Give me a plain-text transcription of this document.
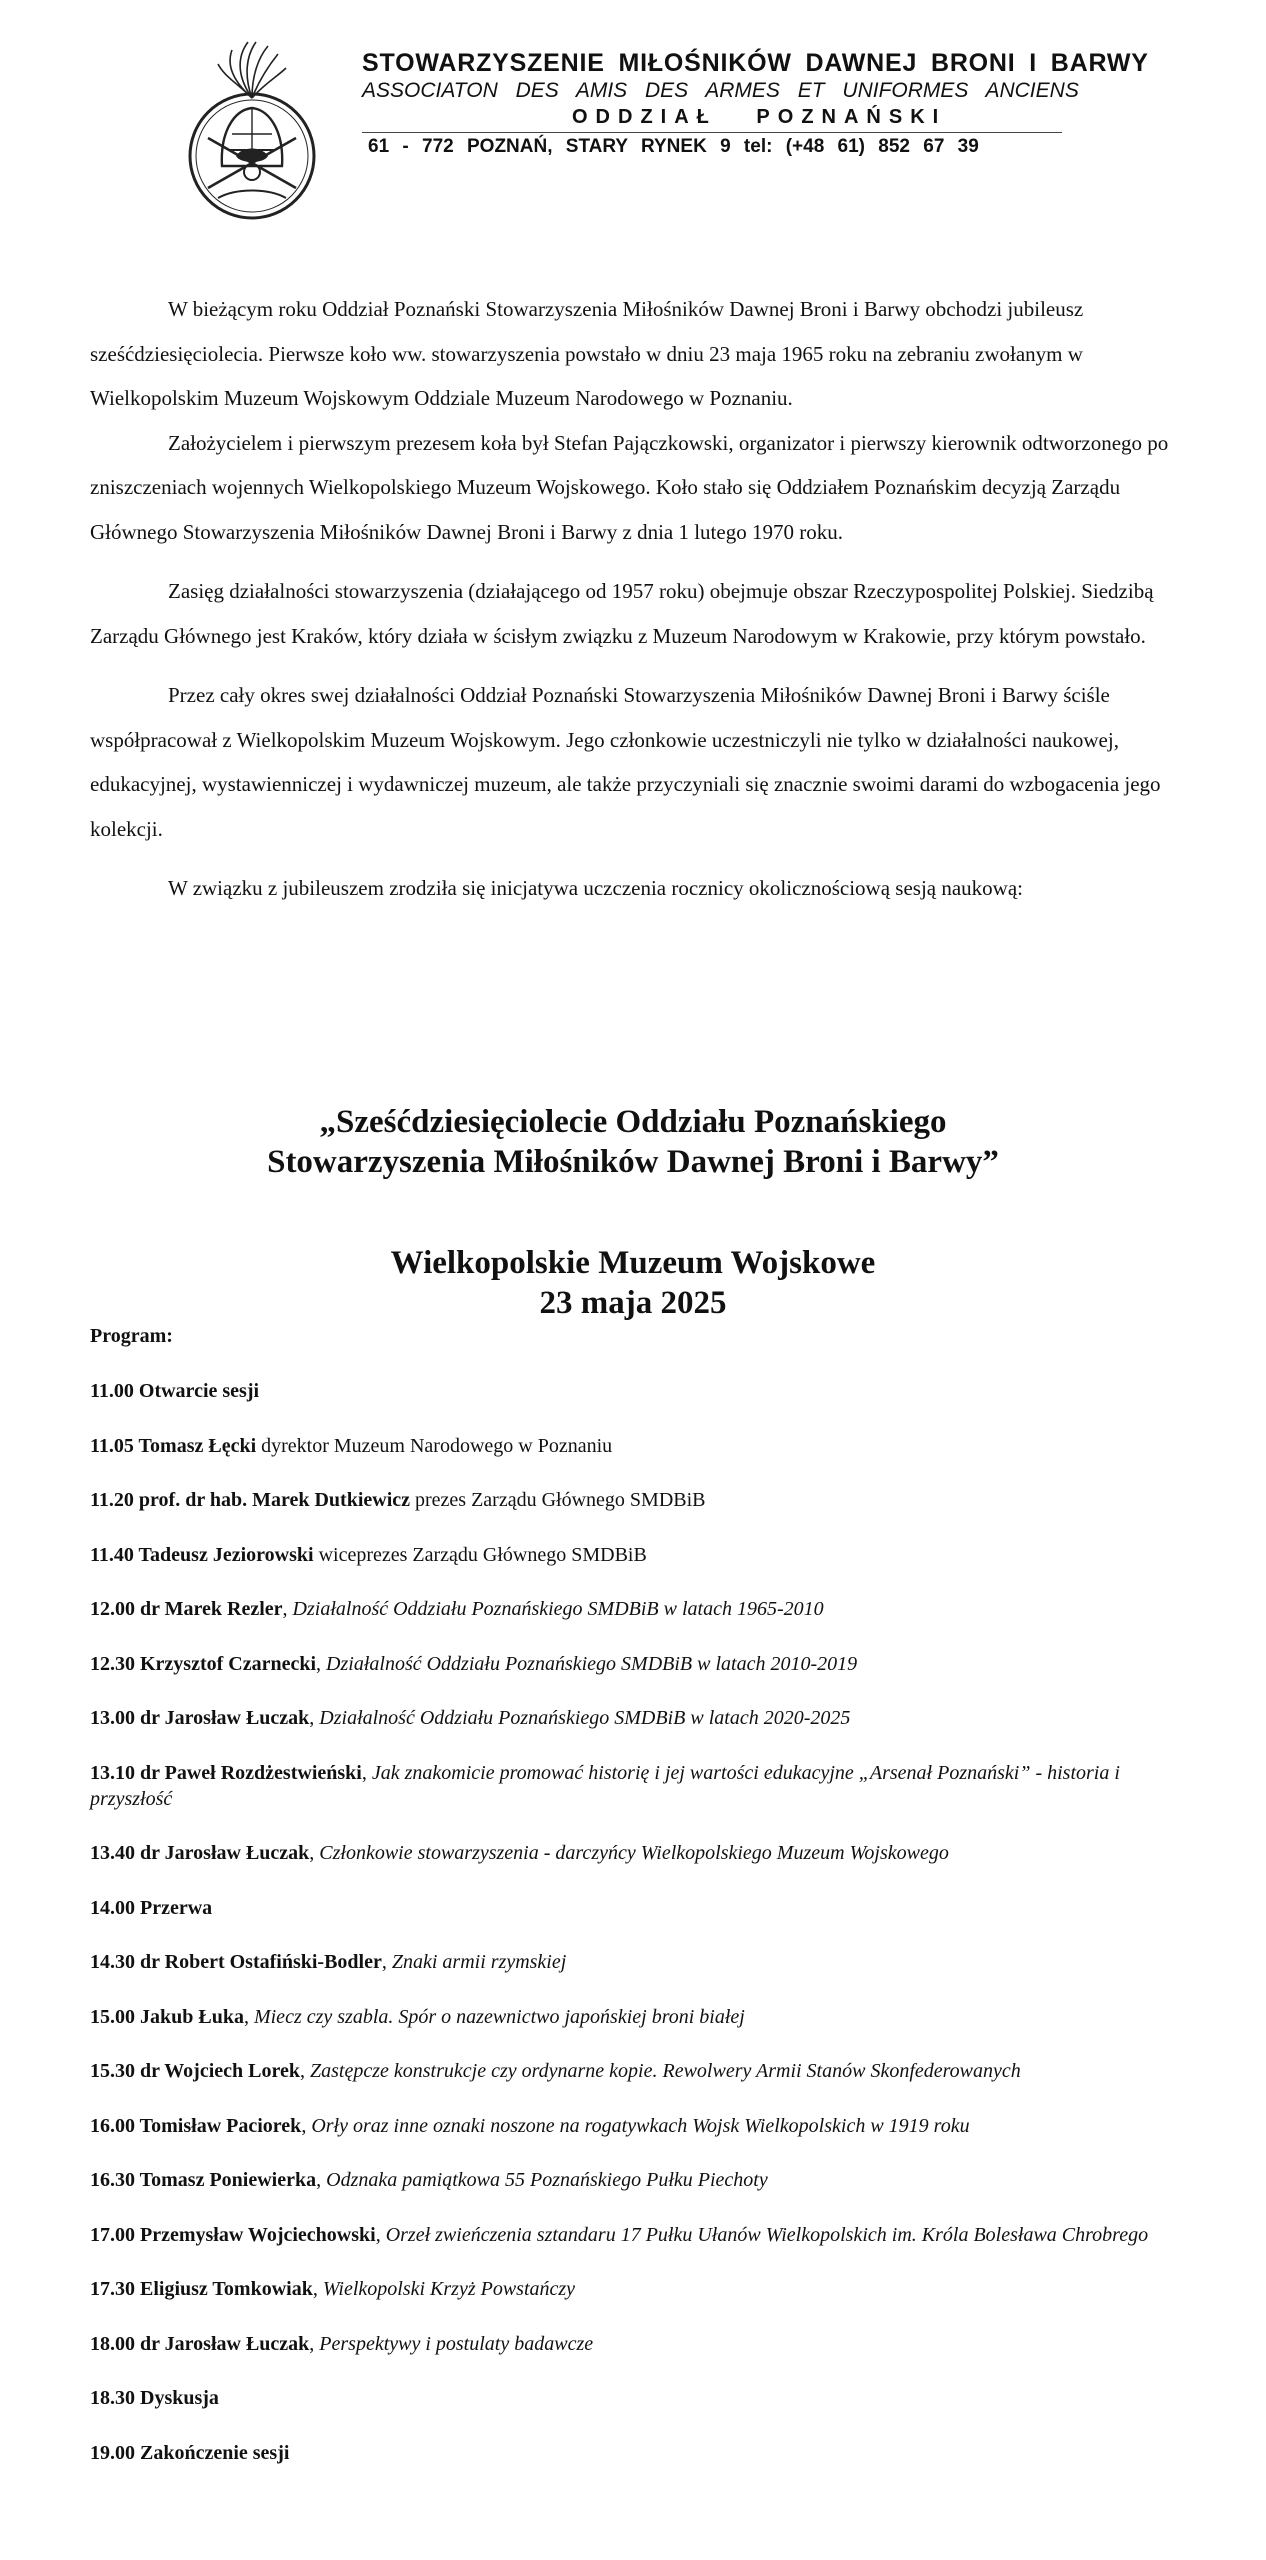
STOWARZYSZENIE MIŁOŚNIKÓW DAWNEJ BRONI I BARWY
ASSOCIATON DES AMIS DES ARMES ET UNIFORMES ANCIENS
ODDZIAŁ POZNAŃSKI
61 - 772 POZNAŃ, STARY RYNEK 9 tel: (+48 61) 852 67 39

W bieżącym roku Oddział Poznański Stowarzyszenia Miłośników Dawnej Broni i Barwy obchodzi jubileusz sześćdziesięciolecia. Pierwsze koło ww. stowarzyszenia powstało w dniu 23 maja 1965 roku na zebraniu zwołanym w Wielkopolskim Muzeum Wojskowym Oddziale Muzeum Narodowego w Poznaniu.

Założycielem i pierwszym prezesem koła był Stefan Pajączkowski, organizator i pierwszy kierownik odtworzonego po zniszczeniach wojennych Wielkopolskiego Muzeum Wojskowego. Koło stało się Oddziałem Poznańskim decyzją Zarządu Głównego Stowarzyszenia Miłośników Dawnej Broni i Barwy z dnia 1 lutego 1970 roku.

Zasięg działalności stowarzyszenia (działającego od 1957 roku) obejmuje obszar Rzeczypospolitej Polskiej. Siedzibą Zarządu Głównego jest Kraków, który działa w ścisłym związku z Muzeum Narodowym w Krakowie, przy którym powstało.

Przez cały okres swej działalności Oddział Poznański Stowarzyszenia Miłośników Dawnej Broni i Barwy ściśle współpracował z Wielkopolskim Muzeum Wojskowym. Jego członkowie uczestniczyli nie tylko w działalności naukowej, edukacyjnej, wystawienniczej i wydawniczej muzeum, ale także przyczyniali się znacznie swoimi darami do wzbogacenia jego kolekcji.

W związku z jubileuszem zrodziła się inicjatywa uczczenia rocznicy okolicznościową sesją naukową:

„Sześćdziesięciolecie Oddziału Poznańskiego
Stowarzyszenia Miłośników Dawnej Broni i Barwy”
Wielkopolskie Muzeum Wojskowe
23 maja 2025
Program:

11.00 Otwarcie sesji

11.05 Tomasz Łęcki dyrektor Muzeum Narodowego w Poznaniu

11.20 prof. dr hab. Marek Dutkiewicz prezes Zarządu Głównego SMDBiB

11.40 Tadeusz Jeziorowski wiceprezes Zarządu Głównego SMDBiB

12.00 dr Marek Rezler, Działalność Oddziału Poznańskiego SMDBiB w latach 1965-2010

12.30 Krzysztof Czarnecki, Działalność Oddziału Poznańskiego SMDBiB w latach 2010-2019

13.00 dr Jarosław Łuczak, Działalność Oddziału Poznańskiego SMDBiB w latach 2020-2025

13.10 dr Paweł Rozdżestwieński, Jak znakomicie promować historię i jej wartości edukacyjne „Arsenał Poznański” - historia i przyszłość

13.40 dr Jarosław Łuczak, Członkowie stowarzyszenia - darczyńcy Wielkopolskiego Muzeum Wojskowego

14.00 Przerwa

14.30 dr Robert Ostafiński-Bodler, Znaki armii rzymskiej

15.00 Jakub Łuka, Miecz czy szabla. Spór o nazewnictwo japońskiej broni białej

15.30 dr Wojciech Lorek, Zastępcze konstrukcje czy ordynarne kopie. Rewolwery Armii Stanów Skonfederowanych

16.00 Tomisław Paciorek, Orły oraz inne oznaki noszone na rogatywkach Wojsk Wielkopolskich w 1919 roku

16.30 Tomasz Poniewierka, Odznaka pamiątkowa 55 Poznańskiego Pułku Piechoty

17.00 Przemysław Wojciechowski, Orzeł zwieńczenia sztandaru 17 Pułku Ułanów Wielkopolskich im. Króla Bolesława Chrobrego

17.30 Eligiusz Tomkowiak, Wielkopolski Krzyż Powstańczy

18.00 dr Jarosław Łuczak, Perspektywy i postulaty badawcze

18.30 Dyskusja

19.00 Zakończenie sesji
